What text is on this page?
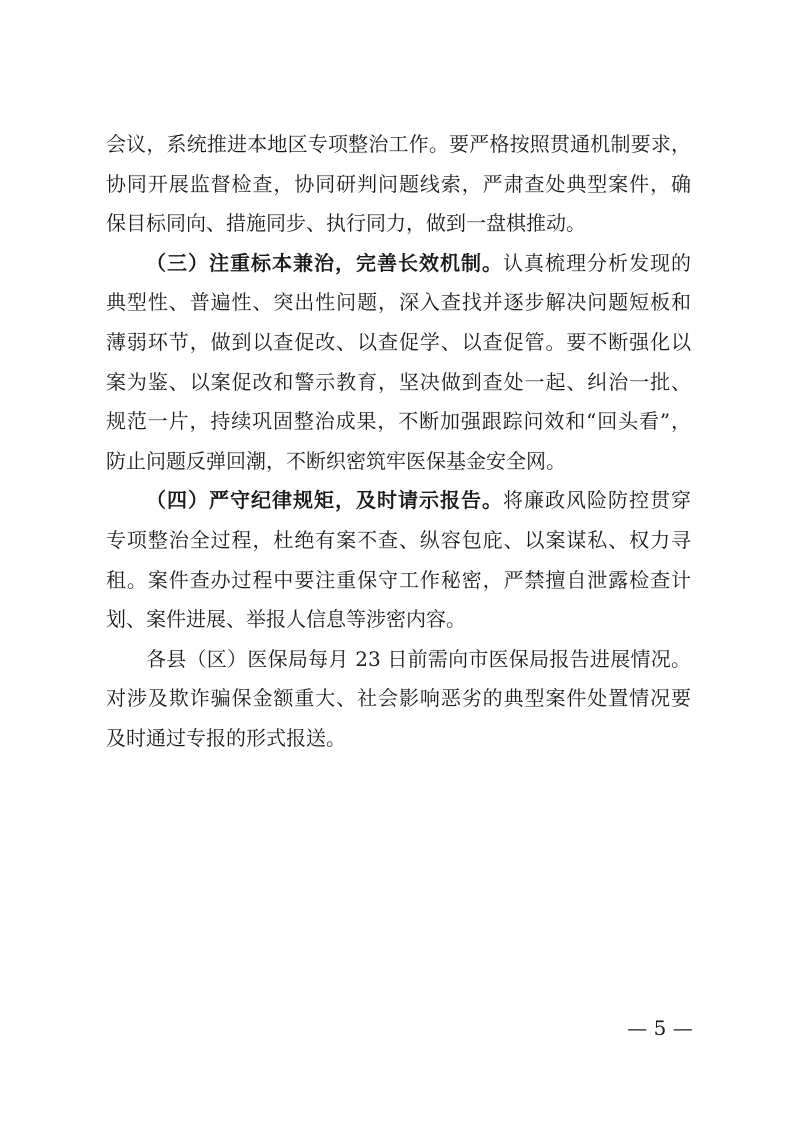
会议，系统推进本地区专项整治工作。要严格按照贯通机制要求，
协同开展监督检查，协同研判问题线索，严肃查处典型案件，确
保目标同向、措施同步、执行同力，做到一盘棋推动。
（三）注重标本兼治，完善长效机制。认真梳理分析发现的
典型性、普遍性、突出性问题，深入查找并逐步解决问题短板和
薄弱环节，做到以查促改、以查促学、以查促管。要不断强化以
案为鉴、以案促改和警示教育，坚决做到查处一起、纠治一批、
规范一片，持续巩固整治成果，不断加强跟踪问效和“回头看”，
防止问题反弹回潮，不断织密筑牢医保基金安全网。
（四）严守纪律规矩，及时请示报告。将廉政风险防控贯穿
专项整治全过程，杜绝有案不查、纵容包庇、以案谋私、权力寻
租。案件查办过程中要注重保守工作秘密，严禁擅自泄露检查计
划、案件进展、举报人信息等涉密内容。
各县（区）医保局每月 23 日前需向市医保局报告进展情况。
对涉及欺诈骗保金额重大、社会影响恶劣的典型案件处置情况要
及时通过专报的形式报送。
— 5 —
